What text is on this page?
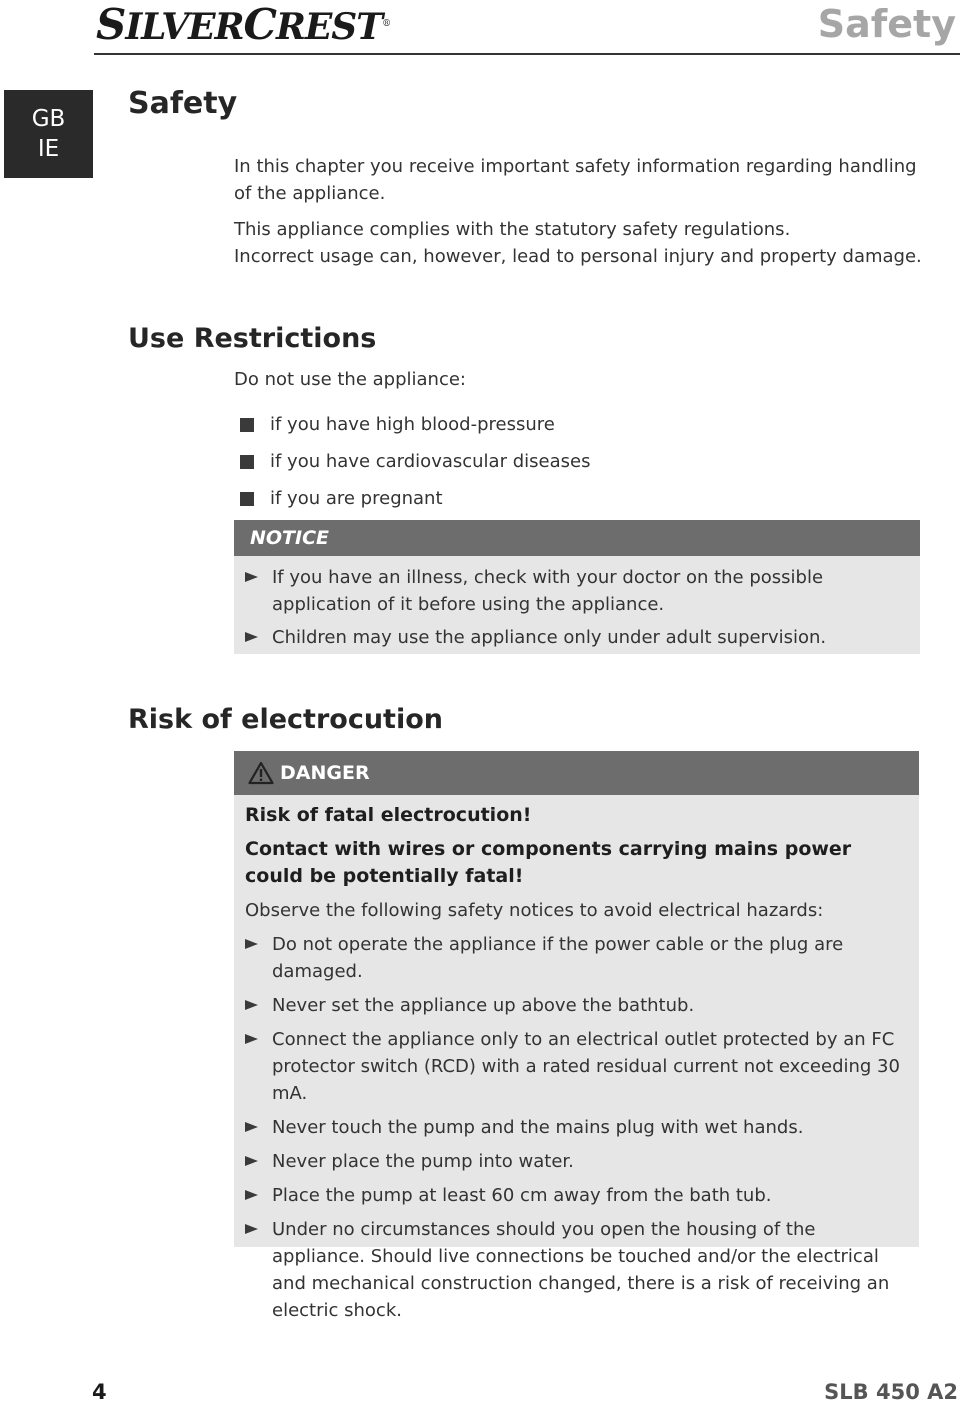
SILVERCREST®	Safety
GB
IE
Safety

In this chapter you receive important safety information regarding handling of the appliance.

This appliance complies with the statutory safety regulations.

Incorrect usage can, however, lead to personal injury and property damage.

Use Restrictions

Do not use the appliance:

if you have high blood-pressure
if you have cardiovascular diseases
if you are pregnant
NOTICE
If you have an illness, check with your doctor on the possible application of it before using the appliance.
Children may use the appliance only under adult supervision.
Risk of electrocution
DANGER

Risk of fatal electrocution!

Contact with wires or components carrying mains power could be potentially fatal!

Observe the following safety notices to avoid electrical hazards:

Do not operate the appliance if the power cable or the plug are damaged.
Never set the appliance up above the bathtub.
Connect the appliance only to an electrical outlet protected by an FC protector switch (RCD) with a rated residual current not exceeding 30 mA.
Never touch the pump and the mains plug with wet hands.
Never place the pump into water.
Place the pump at least 60 cm away from the bath tub.
Under no circumstances should you open the housing of the appliance. Should live connections be touched and/or the electrical and mechanical construction changed, there is a risk of receiving an electric shock.
4	SLB 450 A2
